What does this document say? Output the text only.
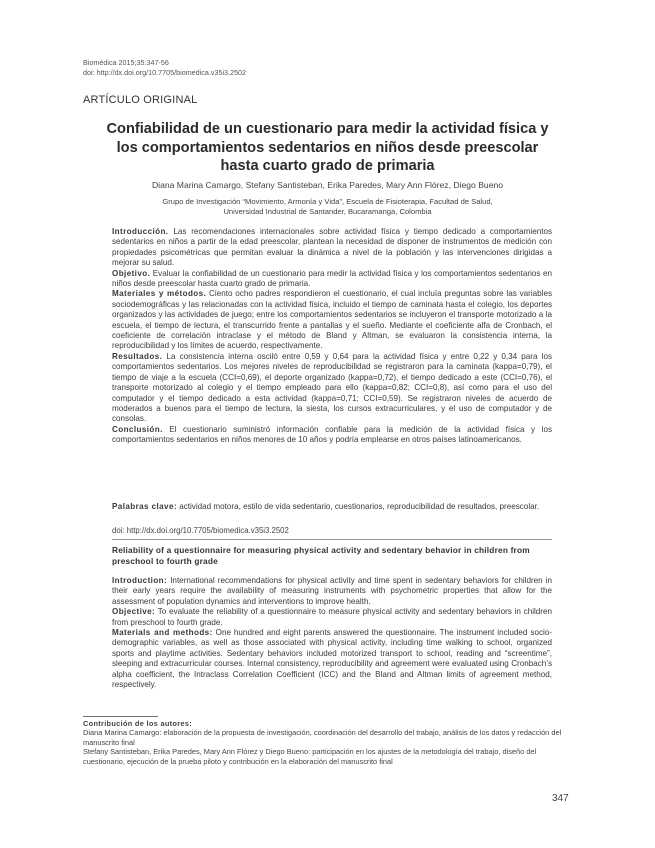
Biomédica 2015;35:347-56
doi: http://dx.doi.org/10.7705/biomedica.v35i3.2502
ARTÍCULO ORIGINAL
Confiabilidad de un cuestionario para medir la actividad física y los comportamientos sedentarios en niños desde preescolar hasta cuarto grado de primaria
Diana Marina Camargo, Stefany Santisteban, Erika Paredes, Mary Ann Flórez, Diego Bueno
Grupo de Investigación “Movimiento, Armonía y Vida”, Escuela de Fisioterapia, Facultad de Salud,
Universidad Industrial de Santander, Bucaramanga, Colombia

Introducción. Las recomendaciones internacionales sobre actividad física y tiempo dedicado a comportamientos sedentarios en niños a partir de la edad preescolar, plantean la necesidad de disponer de instrumentos de medición con propiedades psicométricas que permitan evaluar la dinámica a nivel de la población y las intervenciones dirigidas a mejorar su salud.

Objetivo. Evaluar la confiabilidad de un cuestionario para medir la actividad física y los comportamientos sedentarios en niños desde preescolar hasta cuarto grado de primaria.

Materiales y métodos. Ciento ocho padres respondieron el cuestionario, el cual incluía preguntas sobre las variables sociodemográficas y las relacionadas con la actividad física, incluido el tiempo de caminata hasta el colegio, los deportes organizados y las actividades de juego; entre los comportamientos sedentarios se incluyeron el transporte motorizado a la escuela, el tiempo de lectura, el transcurrido frente a pantallas y el sueño. Mediante el coeficiente alfa de Cronbach, el coeficiente de correlación intraclase y el método de Bland y Altman, se evaluaron la consistencia interna, la reproducibilidad y los límites de acuerdo, respectivamente.

Resultados. La consistencia interna osciló entre 0,59 y 0,64 para la actividad física y entre 0,22 y 0,34 para los comportamientos sedentarios. Los mejores niveles de reproducibilidad se registraron para la caminata (kappa=0,79), el tiempo de viaje a la escuela (CCI=0,69), el deporte organizado (kappa=0,72), el tiempo dedicado a este (CCI=0,76), el transporte motorizado al colegio y el tiempo empleado para ello (kappa=0,82; CCI=0,8), así como para el uso del computador y el tiempo dedicado a esta actividad (kappa=0,71; CCI=0,59). Se registraron niveles de acuerdo de moderados a buenos para el tiempo de lectura, la siesta, los cursos extracurriculares, y el uso de computador y de consolas.

Conclusión. El cuestionario suministró información confiable para la medición de la actividad física y los comportamientos sedentarios en niños menores de 10 años y podría emplearse en otros países latinoamericanos.

Palabras clave: actividad motora, estilo de vida sedentario, cuestionarios, reproducibilidad de resultados, preescolar.
doi: http://dx.doi.org/10.7705/biomedica.v35i3.2502
Reliability of a questionnaire for measuring physical activity and sedentary behavior in children from preschool to fourth grade

Introduction: International recommendations for physical activity and time spent in sedentary behaviors for children in their early years require the availability of measuring instruments with psychometric properties that allow for the assessment of population dynamics and interventions to improve health.

Objective: To evaluate the reliability of a questionnaire to measure physical activity and sedentary behaviors in children from preschool to fourth grade.

Materials and methods: One hundred and eight parents answered the questionnaire. The instrument included socio-demographic variables, as well as those associated with physical activity, including time walking to school, organized sports and playtime activities. Sedentary behaviors included motorized transport to school, reading and “screentime”, sleeping and extracurricular courses. Internal consistency, reproducibility and agreement were evaluated using Cronbach’s alpha coefficient, the Intraclass Correlation Coefficient (ICC) and the Bland and Altman limits of agreement method, respectively.

Contribución de los autores:
Diana Marina Camargo: elaboración de la propuesta de investigación, coordinación del desarrollo del trabajo, análisis de los datos y redacción del manuscrito final
Stefany Santisteban, Erika Paredes, Mary Ann Flórez y Diego Bueno: participación en los ajustes de la metodología del trabajo, diseño del cuestionario, ejecución de la prueba piloto y contribución en la elaboración del manuscrito final
347
